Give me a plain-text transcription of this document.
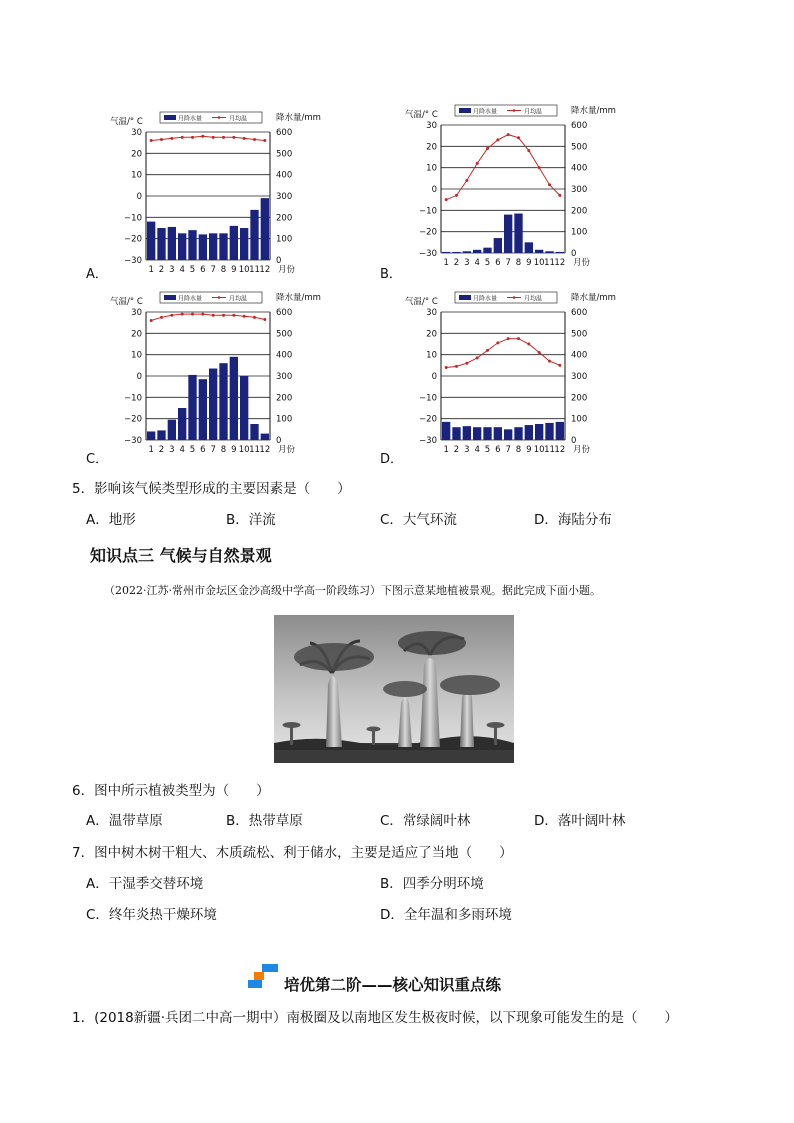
气温/° C	降水量/mm
月降水量	月均温
30	600
20	500
10	400
0	300
−10	200
−20	100
−30	0
1 2 3 4 5 6 7 8 9 10 11 12 月份
A．
气温/° C	降水量/mm
月降水量	月均温
30	600
20	500
10	400
0	300
−10	200
−20	100
−30	0
1 2 3 4 5 6 7 8 9 10 11 12 月份
B．
气温/° C	降水量/mm
月降水量	月均温
30	600
20	500
10	400
0	300
−10	200
−20	100
−30	0
1 2 3 4 5 6 7 8 9 10 11 12 月份
C．
气温/° C	降水量/mm
月降水量	月均温
30	600
20	500
10	400
0	300
−10	200
−20	100
−30	0
1 2 3 4 5 6 7 8 9 10 11 12 月份
D．
5．影响该气候类型形成的主要因素是（　　）
A．地形	B．洋流	C．大气环流	D．海陆分布
知识点三 气候与自然景观
（2022·江苏·常州市金坛区金沙高级中学高一阶段练习）下图示意某地植被景观。据此完成下面小题。
6．图中所示植被类型为（　　）
A．温带草原	B．热带草原	C．常绿阔叶林	D．落叶阔叶林
7．图中树木树干粗大、木质疏松、利于储水，主要是适应了当地（　　）
A．干湿季交替环境	B．四季分明环境
C．终年炎热干燥环境	D．全年温和多雨环境
培优第二阶——核心知识重点练
1．(2018新疆·兵团二中高一期中）南极圈及以南地区发生极夜时候，以下现象可能发生的是（　　）
